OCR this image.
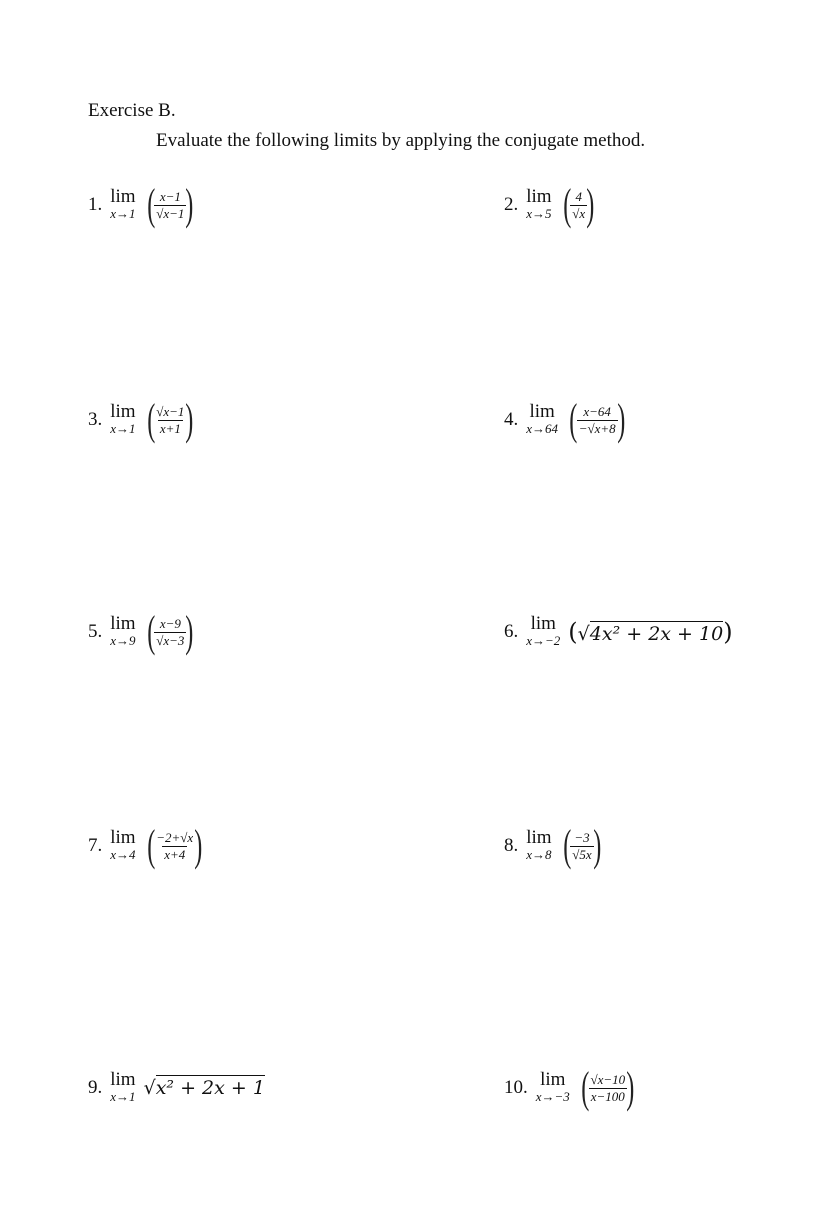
Exercise B.
Evaluate the following limits by applying the conjugate method.
1. lim
x→1 ( $\frac{x-1}{√x-1}$ )	2. lim
x→5 ( $\frac{4}{√x}$ )
3. lim
x→1 ( $\frac{√x-1}{x+1}$ )	4. lim
x→64 ( $\frac{x-64}{-√x+8}$ )
5. lim
x→9 ( $\frac{x-9}{√x-3}$ )	6. lim
x→−2 (√4x² + 2x + 10)
7. lim
x→4 ( $\frac{-2+√x}{x+4}$ )	8. lim
x→8 ( $\frac{-3}{√5x}$ )
9. lim
x→1 √x² + 2x + 1	10. lim
x→−3 ( $\frac{√x-10}{x-100}$ )
